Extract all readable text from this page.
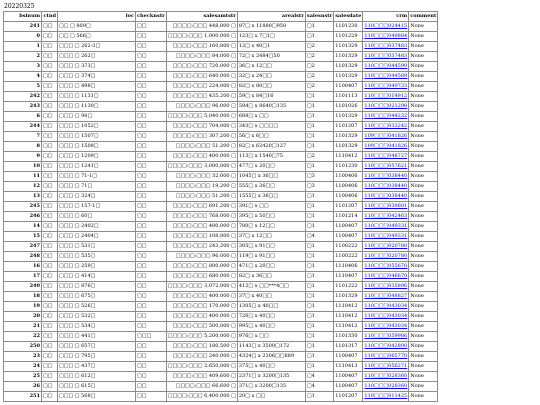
20220325
bsinum	ctnd	loc	checknstr	salesamtstr	arealstr	salesnstr	salesdate	crm	comment
241	□□	□□ □ 809□	□□	□□□□:□□□ 448,000 □	87□ x 11880□950	□1	1101230	110□□□024415	None
0	□□	□□ □ 566□	□□	□□□□:□□□ 1,000,000 □	123□ x 7□1□	□1	1101229	110□□□049884	None
1	□□	□□□ □ 262-3□	□□	□□□□:□□□ 160,800 □	12□ x 40□1	□2	1101329	110□□□037483	None
2	□□	□□□ □ 262□	□□	□□□□:□□□ 84,000 □	72□ x 2484□50	□2	1101329	110□□□037483	None
3	□□	□□□ □ 373□	□□	□□□□:□□□ 720,000 □	36□ x 12□□	□2	1101329	110□□□044599	None
4	□□	□□□ □ 374□	□□	□□□□:□□□ 640,000 □	32□ x 24□□	□2	1101329	110□□□044589	None
5	□□	□□□ □ 498□	□□	□□□□:□□□ 224,000 □	82□ x 80□□	□2	1100407	110□□□049733	None
242	□□	□□□ □ 1131□	□□	□□□□:□□□ 435,200 □	59□ x 84□16	□1	1101113	110□□□014912	None
243	□□	□□□ □ 1130□	□□	□□□□:□□□ 96,000 □	594□ x 8640□135	□1	1101026	110□□□021298	None
6	□□	□□□ □ 98□	□□	□□□□:□□□ 5,040,000 □	688□ x □□	□1	1101329	110□□□044232	None
244	□□	□□□ □ 1052□	□□	□□□□:□□□ 704,000 □	343□ x □□□□	□1	1101207	110□□□033242	None
7	□□	□□□ □ 1507□	□□	□□□□:□□□ 307,200 □	56□ x 6□□	□1	1101329	109□□□041826	None
8	□□	□□□ □ 1508□	□□	□□□□:□□□ 51,200 □	82□ x 62420□127	□1	1101329	109□□□041826	None
9	□□	□□□ □ 1209□	□□	□□□□:□□□ 400,000 □	113□ x 1540□75	□2	1110412	110□□□048727	None
10	□□	□□□ □ 1241□	□□	□□□□:□□□ 3,000,000 □	477□ x 20□□	□1	1101230	110□□□057621	None
11	□□	□□□ □ 71-1□	□□	□□□□:□□□ 32,000 □	1045□ x 36□□	□3	1100406	110□□□038440	None
12	□□	□□□ □ 71□	□□	□□□□:□□□ 19,200 □	555□ x 36□□	□3	1100406	110□□□038440	None
13	□□	□□□ □ 324□	□□	□□□□:□□□ 51,200 □	1555□ x 36□□	□1	1100406	110□□□038440	None
245	□□	□□□ □ 157-1□	□□	□□□□:□□□ 691,200 □	391□ x □□	□1	1101207	110□□□039601	None
246	□□	□□□ □ 60□	□□	□□□□:□□□ 768,000 □	395□ x 50□□	□1	1101214	110□□□042463	None
14	□□	□□□ □ 2402□	□□	□□□□:□□□ 480,000 □	780□ x 12□□	□1	1100407	110□□□049331	None
15	□□	□□□ □ 2404□	□□	□□□□:□□□ 108,800 □	37□ x 12□□	□4	1100407	110□□□049331	None
247	□□	□□□ □ 531□	□□	□□□□:□□□ 243,200 □	305□ x 91□□	□1	1100222	110□□□020780	None
248	□□	□□□ □ 535□	□□	□□□□:□□□ 96,000 □	119□ x 91□□	□1	1100222	110□□□020780	None
16	□□	□□□ □ 259□	□□	□□□□:□□□ 800,000 □	471□ x 20□□	□1	1110406	110□□□055670	None
17	□□	□□□ □ 414□	□□	□□□□:□□□ 680,000 □	82□ x 36□□	□1	1110407	110□□□046670	None
249	□□	□□□ □ 876□	□□	□□□□:□□□ 3,072,000 □	412□ x □□***4□□	□1	1101222	110□□□035896	None
18	□□	□□□ □ 675□	□□	□□□□:□□□ 400,000 □	37□ x 40□□	□1	1101329	110□□□048827	None
19	□□	□□□ □ 526□	□□	□□□□:□□□ 170,000 □	1305□ x 40□□	□1	1110412	110□□□043034	None
20	□□	□□□ □ 532□	□□	□□□□:□□□ 400,000 □	726□ x 40□□	□1	1110412	110□□□043034	None
21	□□	□□□ □ 534□	□□	□□□□:□□□ 500,000 □	995□ x 40□□	□1	1110412	110□□□043034	None
22	□□	□□□ □ 441□	□□□	□□□□:□□□ 5,200,000 □	976□ x □□	□1	1101330	110□□□059986	None
250	□□	□□□ □ 657□	□□	□□□□:□□□ 180,500 □	1143□ x 3500□172	□1	1101317	110□□□042800	None
23	□□	□□□ □ 795□	□□	□□□□:□□□ 240,000 □	4324□ x 2306□□889	□1	1100407	110□□□065770	None
24	□□	□□□ □ 437□	□□	□□□□:□□□ 2,650,000 □	375□ x 40□□	□1	1110413	110□□□056271	None
25	□□	□□□ □ 612□	□□	□□□□:□□□ 409,600 □	2371□ x 3200□135	□4	1100407	110□□□028360	None
26	□□	□□□ □ 615□	□□	□□□□:□□□ 66,600 □	371□ x 3200□135	□4	1100407	110□□□028360	None
251	□□	□□□ □ 568□	□□	□□□□:□□□ 6,400,000 □	20□ x □□	□1	1101207	110□□□011425	None
